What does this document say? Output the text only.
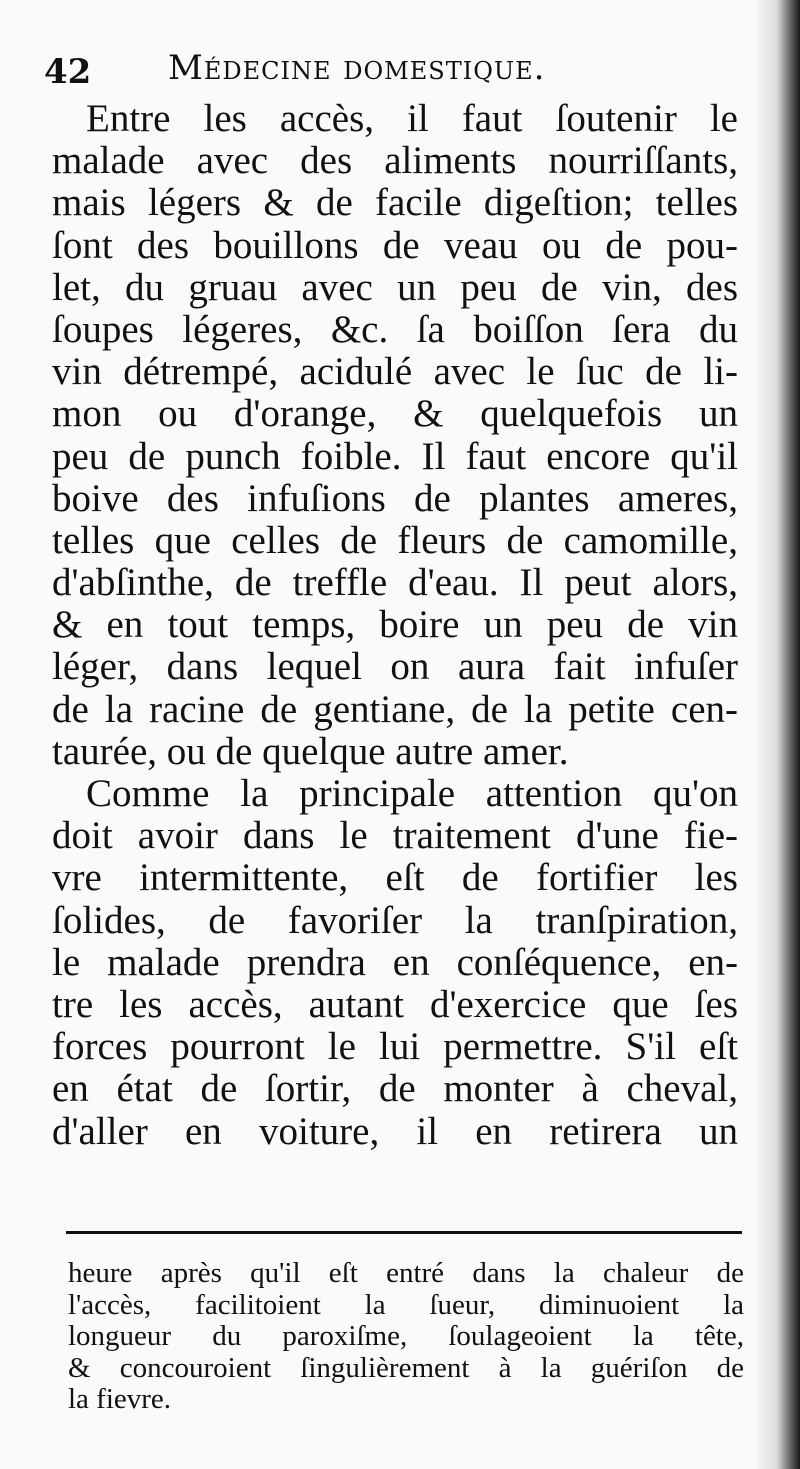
42 Médecine domestique.
Entre les accès, il faut ſoutenir le
malade avec des aliments nourriſſants,
mais légers & de facile digeſtion; telles
ſont des bouillons de veau ou de pou-
let, du gruau avec un peu de vin, des
ſoupes légeres, &c. ſa boiſſon ſera du
vin détrempé, acidulé avec le ſuc de li-
mon ou d'orange, & quelquefois un
peu de punch foible. Il faut encore qu'il
boive des infuſions de plantes ameres,
telles que celles de fleurs de camomille,
d'abſinthe, de treffle d'eau. Il peut alors,
& en tout temps, boire un peu de vin
léger, dans lequel on aura fait infuſer
de la racine de gentiane, de la petite cen-
taurée, ou de quelque autre amer.
Comme la principale attention qu'on
doit avoir dans le traitement d'une fie-
vre intermittente, eſt de fortifier les
ſolides, de favoriſer la tranſpiration,
le malade prendra en conſéquence, en-
tre les accès, autant d'exercice que ſes
forces pourront le lui permettre. S'il eſt
en état de ſortir, de monter à cheval,
d'aller en voiture, il en retirera un
heure après qu'il eſt entré dans la chaleur de
l'accès, facilitoient la ſueur, diminuoient la
longueur du paroxiſme, ſoulageoient la tête,
& concouroient ſingulièrement à la guériſon de
la fievre.
